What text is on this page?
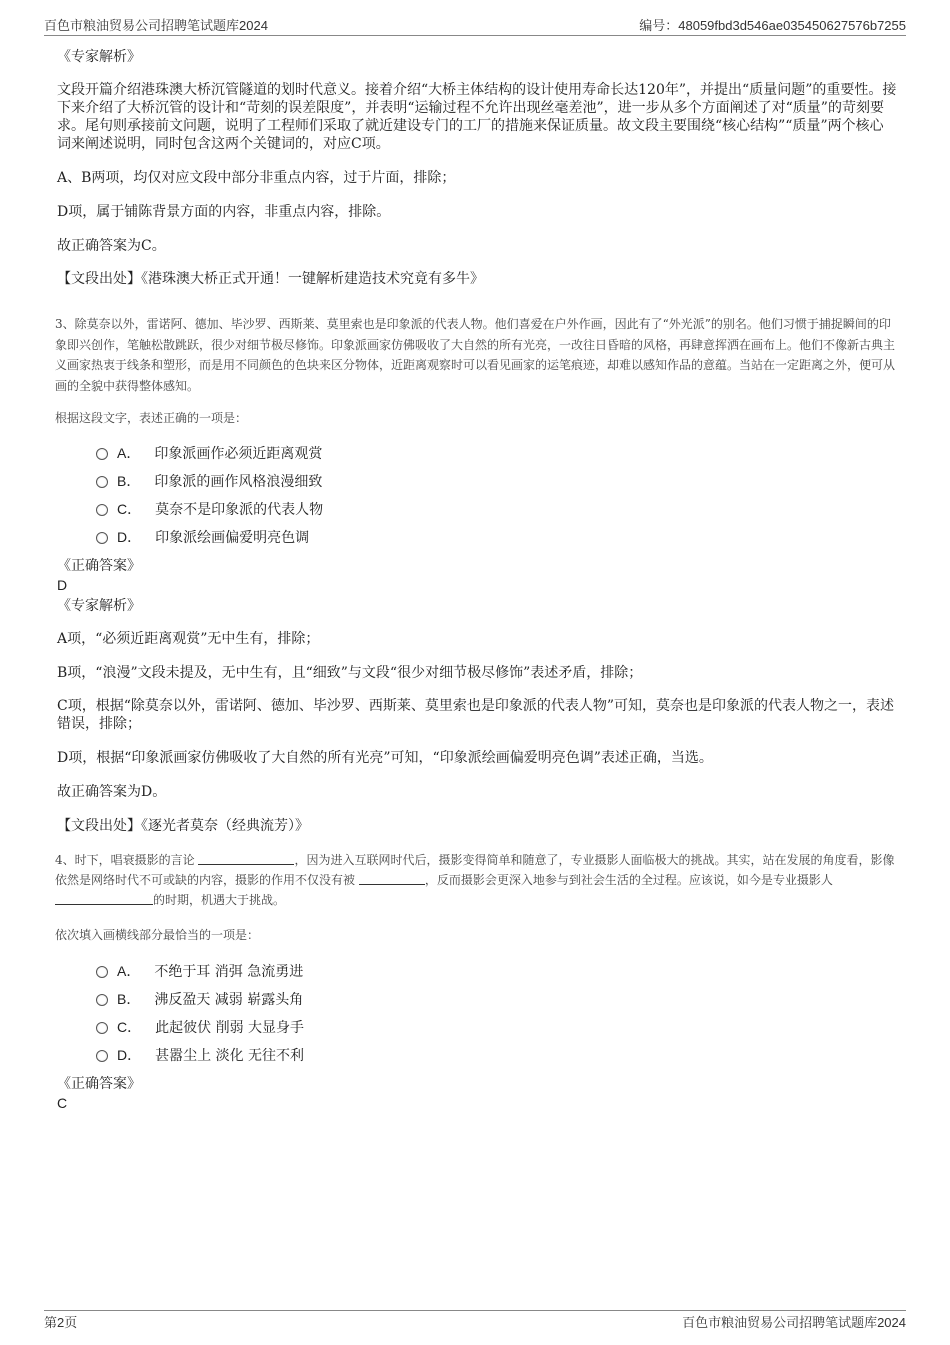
百色市粮油贸易公司招聘笔试题库2024	编号：48059fbd3d546ae035450627576b7255

《专家解析》

文段开篇介绍港珠澳大桥沉管隧道的划时代意义。接着介绍“大桥主体结构的设计使用寿命长达120年”，并提出“质量问题”的重要性。接下来介绍了大桥沉管的设计和“苛刻的误差限度”，并表明“运输过程不允许出现丝毫差池”，进一步从多个方面阐述了对“质量”的苛刻要求。尾句则承接前文问题，说明了工程师们采取了就近建设专门的工厂的措施来保证质量。故文段主要围绕“核心结构”“质量”两个核心词来阐述说明，同时包含这两个关键词的，对应C项。

A、B两项，均仅对应文段中部分非重点内容，过于片面，排除；

D项，属于铺陈背景方面的内容，非重点内容，排除。

故正确答案为C。

【文段出处】《港珠澳大桥正式开通！一键解析建造技术究竟有多牛》

3、除莫奈以外，雷诺阿、德加、毕沙罗、西斯莱、莫里索也是印象派的代表人物。他们喜爱在户外作画，因此有了“外光派”的别名。他们习惯于捕捉瞬间的印象即兴创作，笔触松散跳跃，很少对细节极尽修饰。印象派画家仿佛吸收了大自然的所有光亮，一改往日昏暗的风格，再肆意挥洒在画布上。他们不像新古典主义画家热衷于线条和塑形，而是用不同颜色的色块来区分物体，近距离观察时可以看见画家的运笔痕迹，却难以感知作品的意蕴。当站在一定距离之外，便可从画的全貌中获得整体感知。

根据这段文字，表述正确的一项是：

A． 印象派画作必须近距离观赏
B． 印象派的画作风格浪漫细致
C． 莫奈不是印象派的代表人物
D． 印象派绘画偏爱明亮色调

《正确答案》

D

《专家解析》

A项，“必须近距离观赏”无中生有，排除；

B项，“浪漫”文段未提及，无中生有，且“细致”与文段“很少对细节极尽修饰”表述矛盾，排除；

C项，根据“除莫奈以外，雷诺阿、德加、毕沙罗、西斯莱、莫里索也是印象派的代表人物”可知，莫奈也是印象派的代表人物之一，表述错误，排除；

D项，根据“印象派画家仿佛吸收了大自然的所有光亮”可知，“印象派绘画偏爱明亮色调”表述正确，当选。

故正确答案为D。

【文段出处】《逐光者莫奈（经典流芳）》

4、时下，唱衰摄影的言论	，因为进入互联网时代后，摄影变得简单和随意了，专业摄影人面临极大的挑战。其实，站在发展的角度看，影像依然是网络时代不可或缺的内容，摄影的作用不仅没有被	，反而摄影会更深入地参与到社会生活的全过程。应该说，如今是专业摄影人 的时期，机遇大于挑战。

依次填入画横线部分最恰当的一项是：

A． 不绝于耳 消弭 急流勇进
B． 沸反盈天 减弱 崭露头角
C． 此起彼伏 削弱 大显身手
D． 甚嚣尘上 淡化 无往不利

《正确答案》

C

第2页	百色市粮油贸易公司招聘笔试题库2024
